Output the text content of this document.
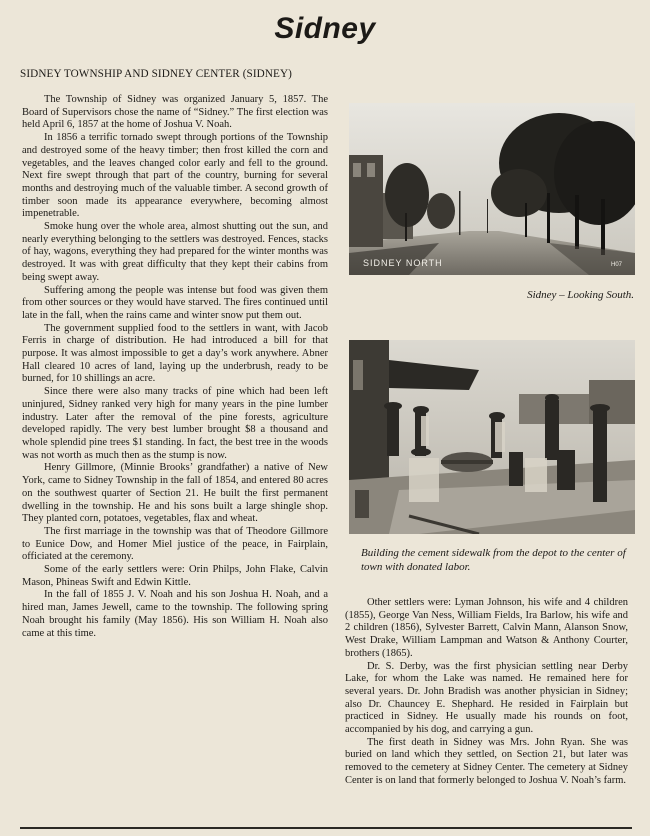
Sidney
SIDNEY TOWNSHIP AND SIDNEY CENTER (SIDNEY)

The Township of Sidney was organized January 5, 1857. The Board of Supervisors chose the name of “Sidney.” The first election was held April 6, 1857 at the home of Joshua V. Noah.

In 1856 a terrific tornado swept through portions of the Township and destroyed some of the heavy timber; then frost killed the corn and vegetables, and the leaves changed color early and fell to the ground. Next fire swept through that part of the country, burning for several months and destroying much of the valuable timber. A second growth of timber soon made its appearance everywhere, becoming almost impenetrable.

Smoke hung over the whole area, almost shutting out the sun, and nearly everything belonging to the settlers was destroyed. Fences, stacks of hay, wagons, everything they had prepared for the winter months was destroyed. It was with great difficulty that they kept their cabins from being swept away.

Suffering among the people was intense but food was given them from other sources or they would have starved. The fires continued until late in the fall, when the rains came and winter snow put them out.

The government supplied food to the settlers in want, with Jacob Ferris in charge of distribution. He had introduced a bill for that purpose. It was almost impossible to get a day’s work anywhere. Abner Hall cleared 10 acres of land, laying up the underbrush, ready to be burned, for 10 shillings an acre.

Since there were also many tracks of pine which had been left uninjured, Sidney ranked very high for many years in the pine lumber industry. Later after the removal of the pine forests, agriculture developed rapidly. The very best lumber brought $8 a thousand and whole splendid pine trees $1 standing. In fact, the best tree in the woods was not worth as much then as the stump is now.

Henry Gillmore, (Minnie Brooks’ grandfather) a native of New York, came to Sidney Township in the fall of 1854, and entered 80 acres on the southwest quarter of Section 21. He built the first permanent dwelling in the township. He and his sons built a large shingle shop. They planted corn, potatoes, vegetables, flax and wheat.

The first marriage in the township was that of Theodore Gillmore to Eunice Dow, and Homer Miel justice of the peace, in Fairplain, officiated at the ceremony.

Some of the early settlers were: Orin Philps, John Flake, Calvin Mason, Phineas Swift and Edwin Kittle.

In the fall of 1855 J. V. Noah and his son Joshua H. Noah, and a hired man, James Jewell, came to the township. The following spring Noah brought his family (May 1856). His son William H. Noah also came at this time.

SIDNEY NORTH	H07
Sidney – Looking South.
Building the cement sidewalk from the depot to the center of town with donated labor.

Other settlers were: Lyman Johnson, his wife and 4 children (1855), George Van Ness, William Fields, Ira Barlow, his wife and 2 children (1856), Sylvester Barrett, Calvin Mann, Alanson Snow, West Drake, William Lampman and Watson & Anthony Courter, brothers (1865).

Dr. S. Derby, was the first physician settling near Derby Lake, for whom the Lake was named. He remained here for several years. Dr. John Bradish was another physician in Sidney; also Dr. Chauncey E. Shephard. He resided in Fairplain but practiced in Sidney. He usually made his rounds on foot, accompanied by his dog, and carrying a gun.

The first death in Sidney was Mrs. John Ryan. She was buried on land which they settled, on Section 21, but later was removed to the cemetery at Sidney Center. The cemetery at Sidney Center is on land that formerly belonged to Joshua V. Noah’s farm.
